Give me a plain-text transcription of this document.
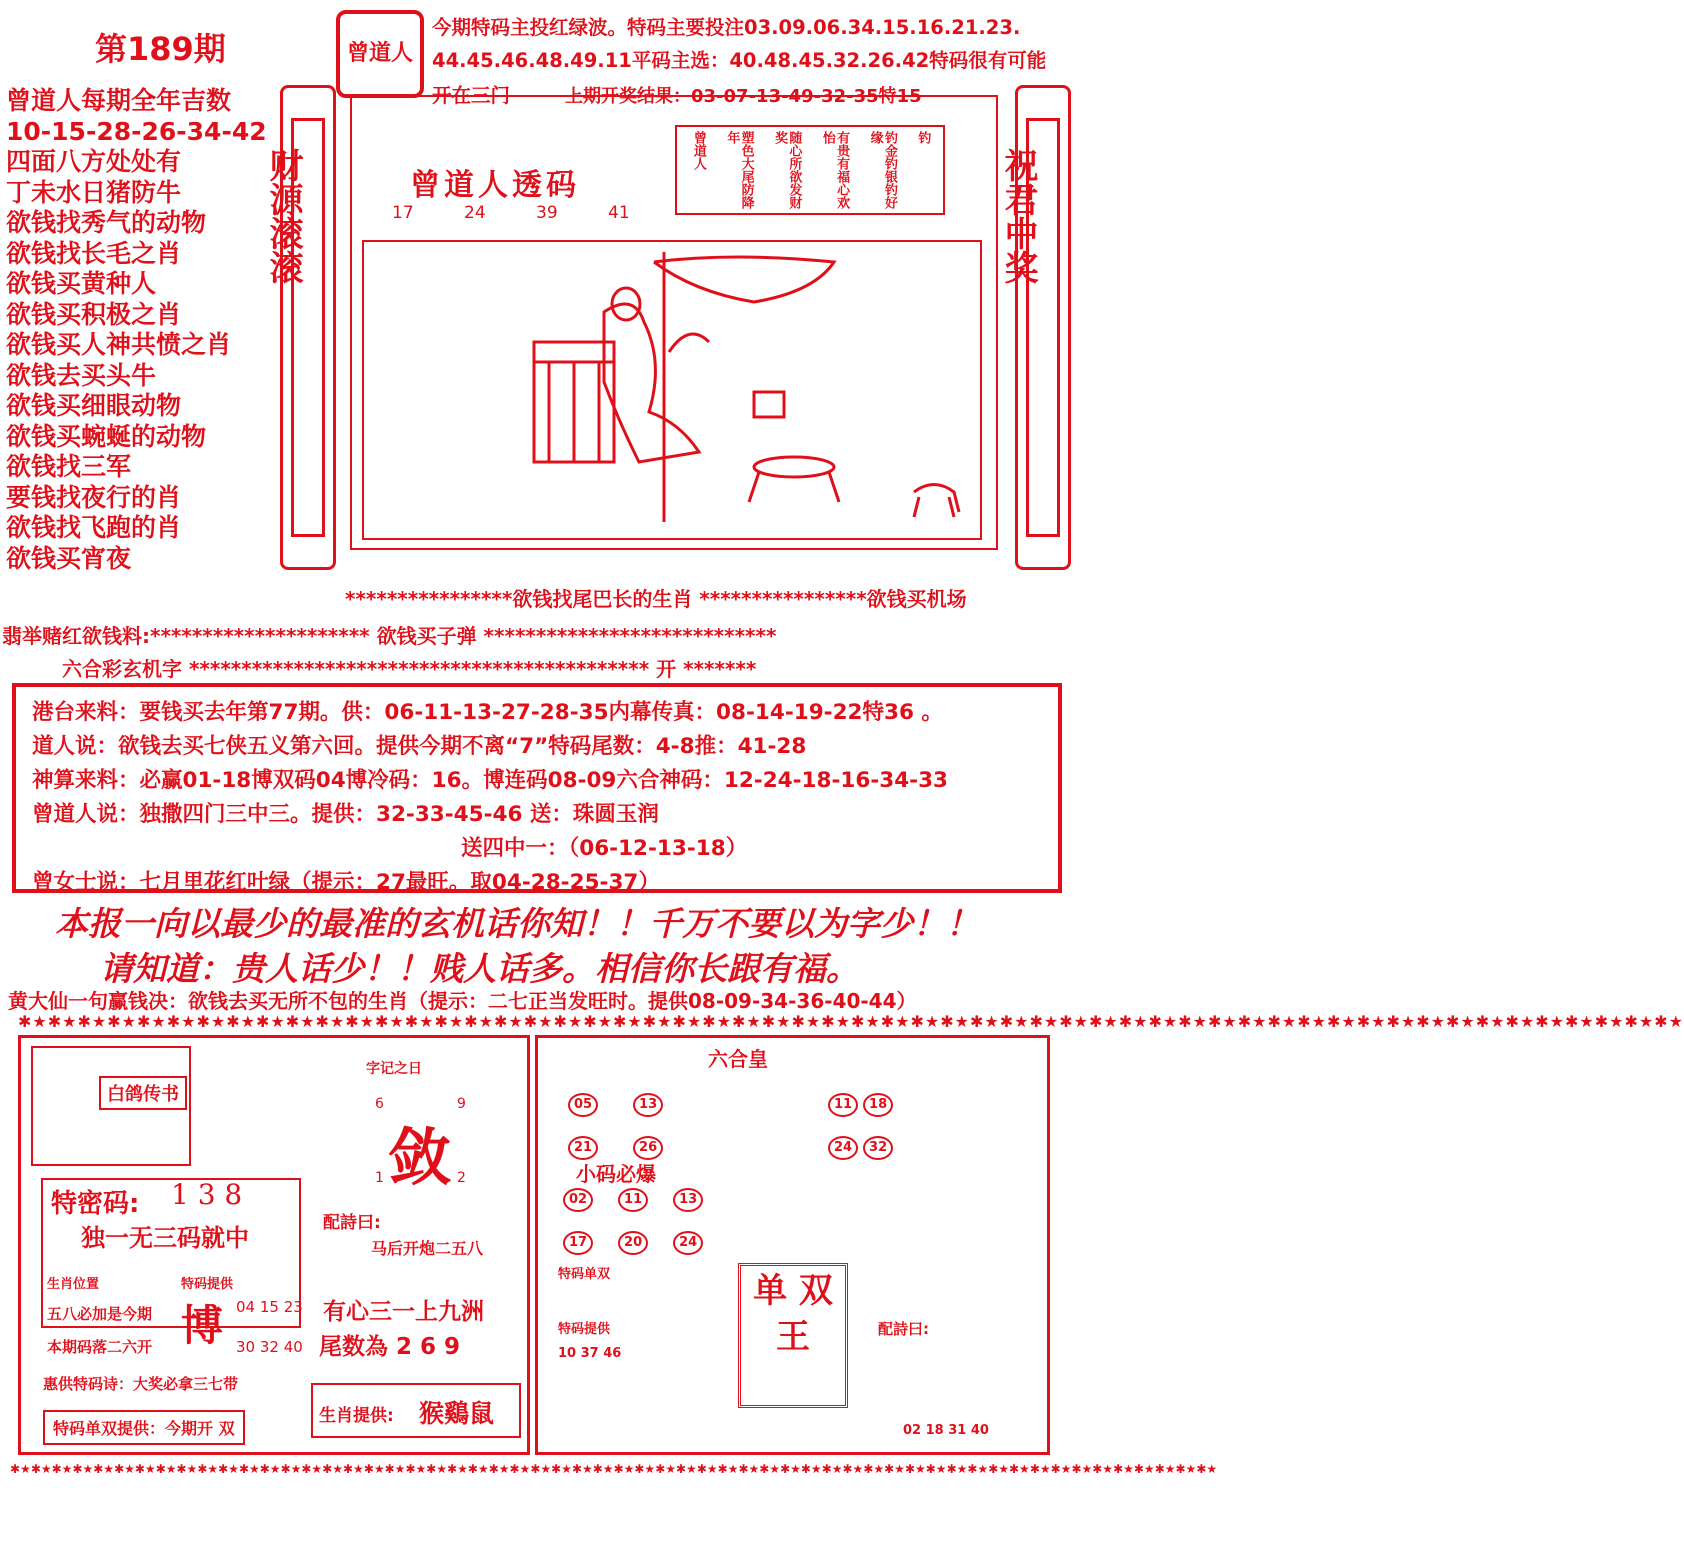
第189期	曾道人
今期特码主投红绿波。特码主要投注03.09.06.34.15.16.21.23.
44.45.46.48.49.11平码主选：40.48.45.32.26.42特码很有可能
开在三门	上期开奖结果：03-07-13-49-32-35特15
曾道人每期全年吉数
10-15-28-26-34-42
四面八方处处有
丁未水日猪防牛
欲钱找秀气的动物
欲钱找长毛之肖
欲钱买黄种人
欲钱买积极之肖
欲钱买人神共愤之肖
欲钱去买头牛
欲钱买细眼动物
欲钱买蜿蜒的动物
欲钱找三军
要钱找夜行的肖
欲钱找飞跑的肖
欲钱买宵夜
财源滚滚	祝君中奖
曾道人透码
17	24	39	41
钓
钓金钓银钓好缘
有贵有福心欢怡
随心所欲发财奖
塑色大尾防降年
曾道人
****************欲钱找尾巴长的生肖 ****************欲钱买机场
翡举赌红欲钱料:********************* 欲钱买子弹 ****************************
六合彩玄机字 ******************************************** 开 *******
港台来料：要钱买去年第77期。供：06-11-13-27-28-35内幕传真：08-14-19-22特36 。
道人说：欲钱去买七侠五义第六回。提供今期不离“7”特码尾数：4-8推：41-28
神算来料：必赢01-18博双码04博冷码：16。博连码08-09六合神码：12-24-18-16-34-33
曾道人说：独撒四门三中三。提供：32-33-45-46 送：珠圆玉润
送四中一：（06-12-13-18）
曾女士说：七月里花红叶绿（提示：27最旺。取04-28-25-37）
本报一向以最少的最准的玄机话你知！！千万不要以为字少！！
请知道：贵人话少！！贱人话多。相信你长跟有福。
黄大仙一句赢钱决：欲钱去买无所不包的生肖（提示：二七正当发旺时。提供08-09-34-36-40-44）
✱★✱★✱★✱★✱★✱★✱★✱★✱★✱★✱★✱★✱★✱★✱★✱★✱★✱★✱★✱★✱★✱★✱★✱★✱★✱★✱★✱★✱★✱★✱★✱★✱★✱★✱★✱★✱★✱★✱★✱★✱★✱★✱★✱★✱★✱★✱★✱★✱★✱★✱★✱★✱★✱★✱★✱★
白鸽传书
特密码: 1 3 8
独一无三码就中
生肖位置
五八必加是今期
本期码落二六开
特码提供
博 04 15 23
30 32 40
惠供特码诗：大奖必拿三七带
特码单双提供：今期开 双
字记之日
6	9
敛
1	2
配詩曰:
马后开炮二五八
有心三一上九洲
尾数為 2 6 9
生肖提供: 猴鷄鼠
六合皇
05	13

21	26
11 18

24 32
小码必爆
02	11	13

17	20	24
特码单双
特码提供
10 37 46
单 双 王	配詩曰:
02 18 31 40
✱★✱★✱★✱★✱★✱★✱★✱★✱★✱★✱★✱★✱★✱★✱★✱★✱★✱★✱★✱★✱★✱★✱★✱★✱★✱★✱★✱★✱★✱★✱★✱★✱★✱★✱★✱★✱★✱★✱★✱★✱★✱★✱★✱★✱★✱★✱★✱★✱★✱★✱★✱★✱★✱★✱★✱★✱★✱★
